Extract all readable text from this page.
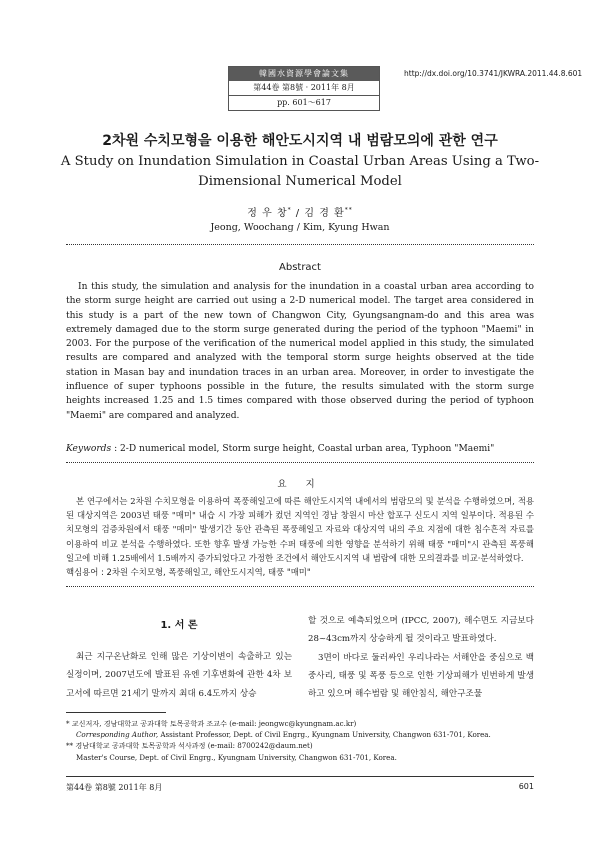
韓國水資源學會論文集
第44卷 第8號 · 2011年 8月
pp. 601～617
http://dx.doi.org/10.3741/JKWRA.2011.44.8.601
2차원 수치모형을 이용한 해안도시지역 내 범람모의에 관한 연구
A Study on Inundation Simulation in Coastal Urban Areas Using a Two-Dimensional Numerical Model
정 우 창* / 김 경 환**
Jeong, Woochang / Kim, Kyung Hwan
Abstract
In this study, the simulation and analysis for the inundation in a coastal urban area according to the storm surge height are carried out using a 2-D numerical model. The target area considered in this study is a part of the new town of Changwon City, Gyungsangnam-do and this area was extremely damaged due to the storm surge generated during the period of the typhoon "Maemi" in 2003. For the purpose of the verification of the numerical model applied in this study, the simulated results are compared and analyzed with the temporal storm surge heights observed at the tide station in Masan bay and inundation traces in an urban area. Moreover, in order to investigate the influence of super typhoons possible in the future, the results simulated with the storm surge heights increased 1.25 and 1.5 times compared with those observed during the period of typhoon "Maemi" are compared and analyzed.
Keywords : 2-D numerical model, Storm surge height, Coastal urban area, Typhoon "Maemi"
요 지
본 연구에서는 2차원 수치모형을 이용하여 폭풍해일고에 따른 해안도시지역 내에서의 범람모의 및 분석을 수행하였으며, 적용된 대상지역은 2003년 태풍 "매미" 내습 시 가장 피해가 컸던 지역인 경남 창원시 마산 합포구 신도시 지역 일부이다. 적용된 수치모형의 검증차원에서 태풍 "매미" 발생기간 동안 관측된 폭풍해일고 자료와 대상지역 내의 주요 지점에 대한 침수흔적 자료를 이용하여 비교 분석을 수행하였다. 또한 향후 발생 가능한 수퍼 태풍에 의한 영향을 분석하기 위해 태풍 "매미"시 관측된 폭풍해일고에 비해 1.25배에서 1.5배까지 증가되었다고 가정한 조건에서 해안도시지역 내 범람에 대한 모의결과를 비교·분석하였다.
핵심용어 : 2차원 수치모형, 폭풍해일고, 해안도시지역, 태풍 "매미"
1. 서 론
최근 지구온난화로 인해 많은 기상이변이 속출하고 있는 실정이며, 2007년도에 발표된 유엔 기후변화에 관한 4차 보고서에 따르면 21세기 말까지 최대 6.4도까지 상승

할 것으로 예측되었으며 (IPCC, 2007), 해수면도 지금보다 28~43cm까지 상승하게 될 것이라고 발표하였다.

3면이 바다로 둘러싸인 우리나라는 서해안을 중심으로 백중사리, 태풍 및 폭풍 등으로 인한 기상피해가 빈번하게 발생하고 있으며 해수범람 및 해안침식, 해안구조물

* 교신저자, 경남대학교 공과대학 토목공학과 조교수 (e-mail: jeongwc@kyungnam.ac.kr)
Corresponding Author, Assistant Professor, Dept. of Civil Engrg., Kyungnam University, Changwon 631-701, Korea.
** 경남대학교 공과대학 토목공학과 석사과정 (e-mail: 8700242@daum.net)
Master's Course, Dept. of Civil Engrg., Kyungnam University, Changwon 631-701, Korea.
第44卷 第8號 2011年 8月	601
